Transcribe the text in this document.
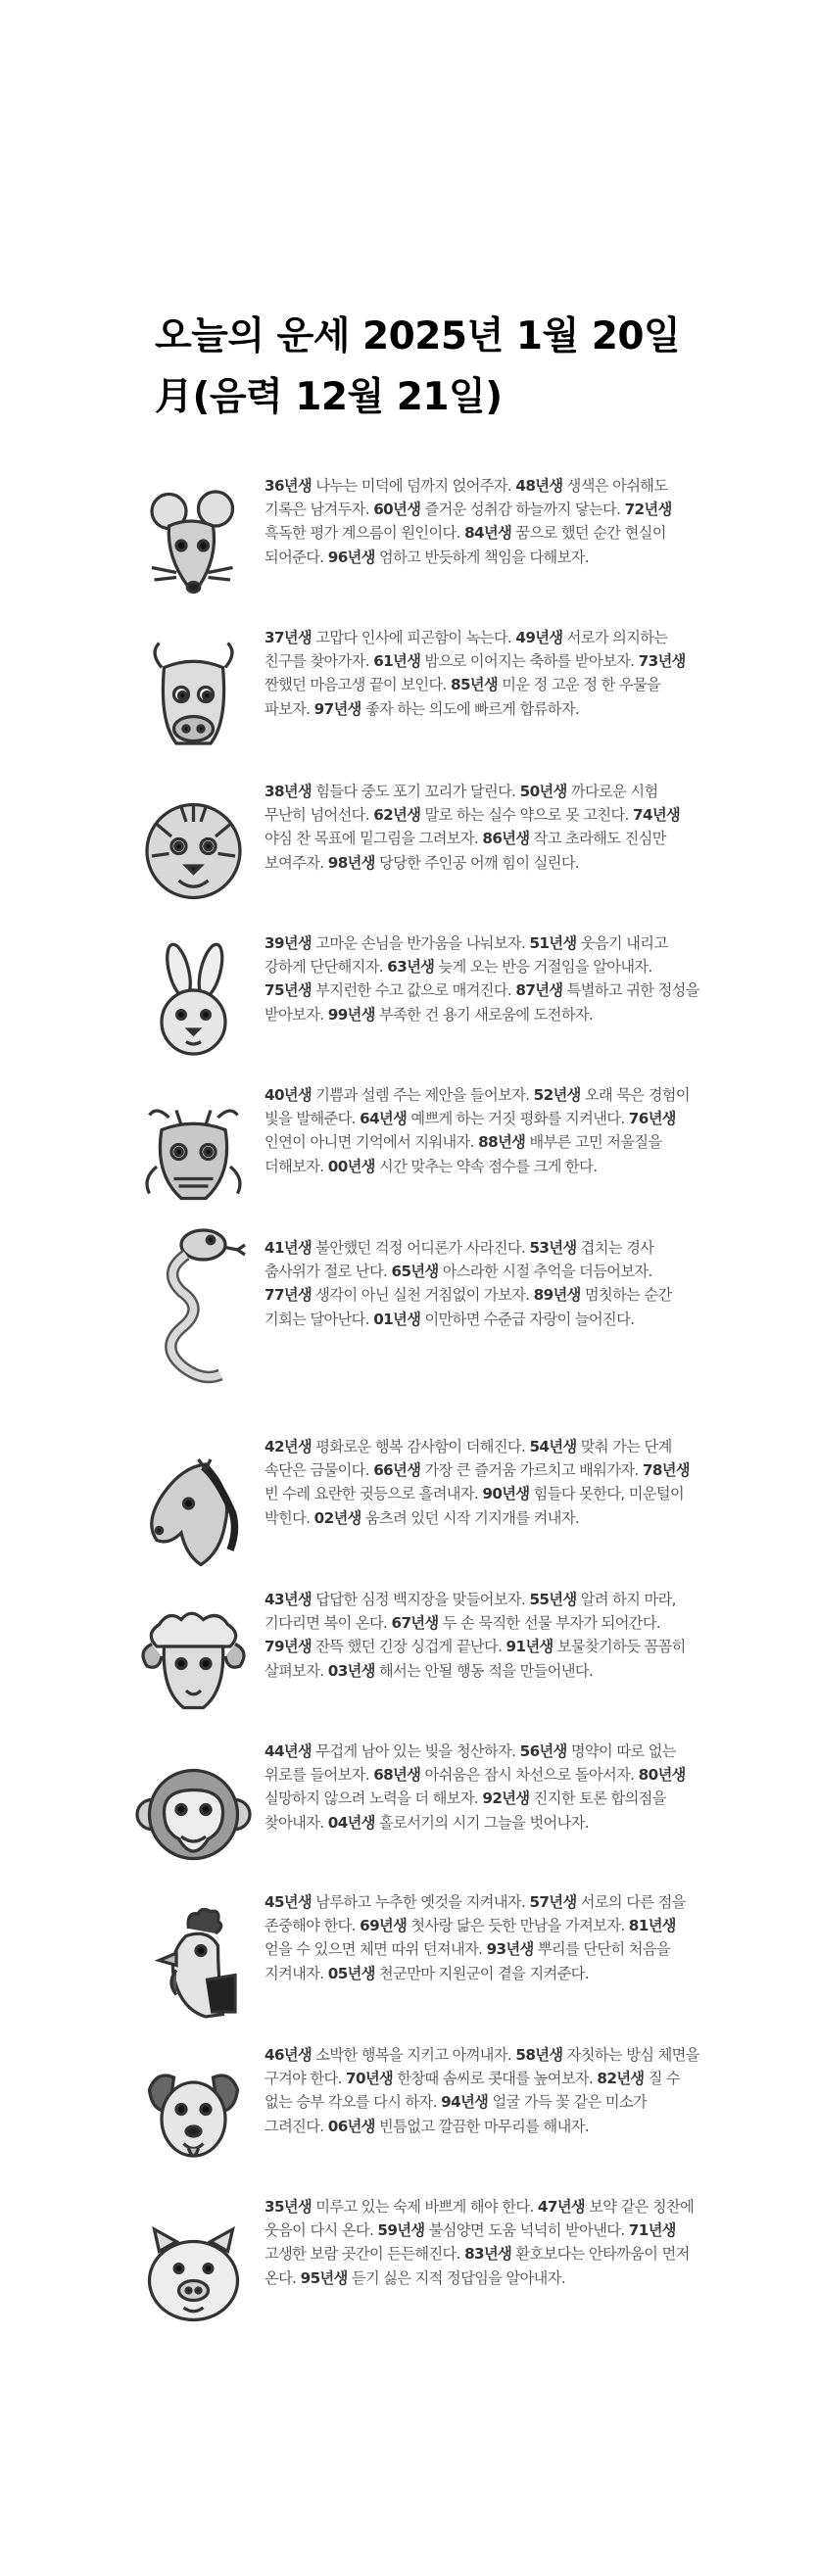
오늘의 운세 2025년 1월 20일 月(음력 12월 21일)

36년생 나누는 미덕에 덤까지 얹어주자. 48년생 생색은 아쉬해도 기록은 남겨두자. 60년생 즐거운 성취감 하늘까지 닿는다. 72년생 흑독한 평가 계으름이 원인이다. 84년생 꿈으로 했던 순간 현실이 되어준다. 96년생 엄하고 반듯하게 책임을 다해보자.

37년생 고맙다 인사에 피곤함이 녹는다. 49년생 서로가 의지하는 친구를 찾아가자. 61년생 밤으로 이어지는 축하를 받아보자. 73년생 짠했던 마음고생 끝이 보인다. 85년생 미운 정 고운 정 한 우물을 파보자. 97년생 좋자 하는 의도에 빠르게 합류하자.

38년생 힘들다 중도 포기 꼬리가 달린다. 50년생 까다로운 시험 무난히 넘어선다. 62년생 말로 하는 실수 약으로 못 고친다. 74년생 야심 찬 목표에 밑그림을 그려보자. 86년생 작고 초라해도 진심만 보여주자. 98년생 당당한 주인공 어깨 힘이 실린다.

39년생 고마운 손님을 반가움을 나눠보자. 51년생 웃음기 내리고 강하게 단단해지자. 63년생 늦게 오는 반응 거절임을 알아내자. 75년생 부지런한 수고 값으로 매겨진다. 87년생 특별하고 귀한 정성을 받아보자. 99년생 부족한 건 용기 새로움에 도전하자.

40년생 기쁨과 설렘 주는 제안을 들어보자. 52년생 오래 묵은 경험이 빛을 발해준다. 64년생 예쁘게 하는 거짓 평화를 지켜낸다. 76년생 인연이 아니면 기억에서 지워내자. 88년생 배부른 고민 저울질을 더해보자. 00년생 시간 맞추는 약속 점수를 크게 한다.

41년생 불안했던 걱정 어디론가 사라진다. 53년생 겹치는 경사 춤사위가 절로 난다. 65년생 아스라한 시절 추억을 더듬어보자. 77년생 생각이 아닌 실천 거침없이 가보자. 89년생 멈칫하는 순간 기회는 달아난다. 01년생 이만하면 수준급 자랑이 늘어진다.

42년생 평화로운 행복 감사함이 더해진다. 54년생 맞춰 가는 단계 속단은 금물이다. 66년생 가장 큰 즐거움 가르치고 배워가자. 78년생 빈 수레 요란한 귓등으로 흘려내자. 90년생 힘들다 못한다, 미운털이 박힌다. 02년생 움츠려 있던 시작 기지개를 켜내자.

43년생 답답한 심정 백지장을 맞들어보자. 55년생 알려 하지 마라, 기다리면 복이 온다. 67년생 두 손 묵직한 선물 부자가 되어간다. 79년생 잔뜩 했던 긴장 싱겁게 끝난다. 91년생 보물찾기하듯 꼼꼼히 살펴보자. 03년생 해서는 안될 행동 적을 만들어낸다.

44년생 무겁게 남아 있는 빚을 청산하자. 56년생 명약이 따로 없는 위로를 들어보자. 68년생 아쉬움은 잠시 차선으로 돌아서자. 80년생 실망하지 않으려 노력을 더 해보자. 92년생 진지한 토론 합의점을 찾아내자. 04년생 홀로서기의 시기 그늘을 벗어나자.

45년생 남루하고 누추한 옛것을 지켜내자. 57년생 서로의 다른 점을 존중해야 한다. 69년생 첫사랑 닮은 듯한 만남을 가져보자. 81년생 얻을 수 있으면 체면 따위 던져내자. 93년생 뿌리를 단단히 처음을 지켜내자. 05년생 천군만마 지원군이 곁을 지켜준다.

46년생 소박한 행복을 지키고 아껴내자. 58년생 자칫하는 방심 체면을 구겨야 한다. 70년생 한창때 솜씨로 콧대를 높여보자. 82년생 질 수 없는 승부 각오를 다시 하자. 94년생 얼굴 가득 꽃 같은 미소가 그려진다. 06년생 빈틈없고 깔끔한 마무리를 해내자.

35년생 미루고 있는 숙제 바쁘게 해야 한다. 47년생 보약 같은 칭찬에 웃음이 다시 온다. 59년생 불심양면 도움 넉넉히 받아낸다. 71년생 고생한 보람 곳간이 든든해진다. 83년생 환호보다는 안타까움이 먼저 온다. 95년생 듣기 싫은 지적 정답임을 알아내자.
